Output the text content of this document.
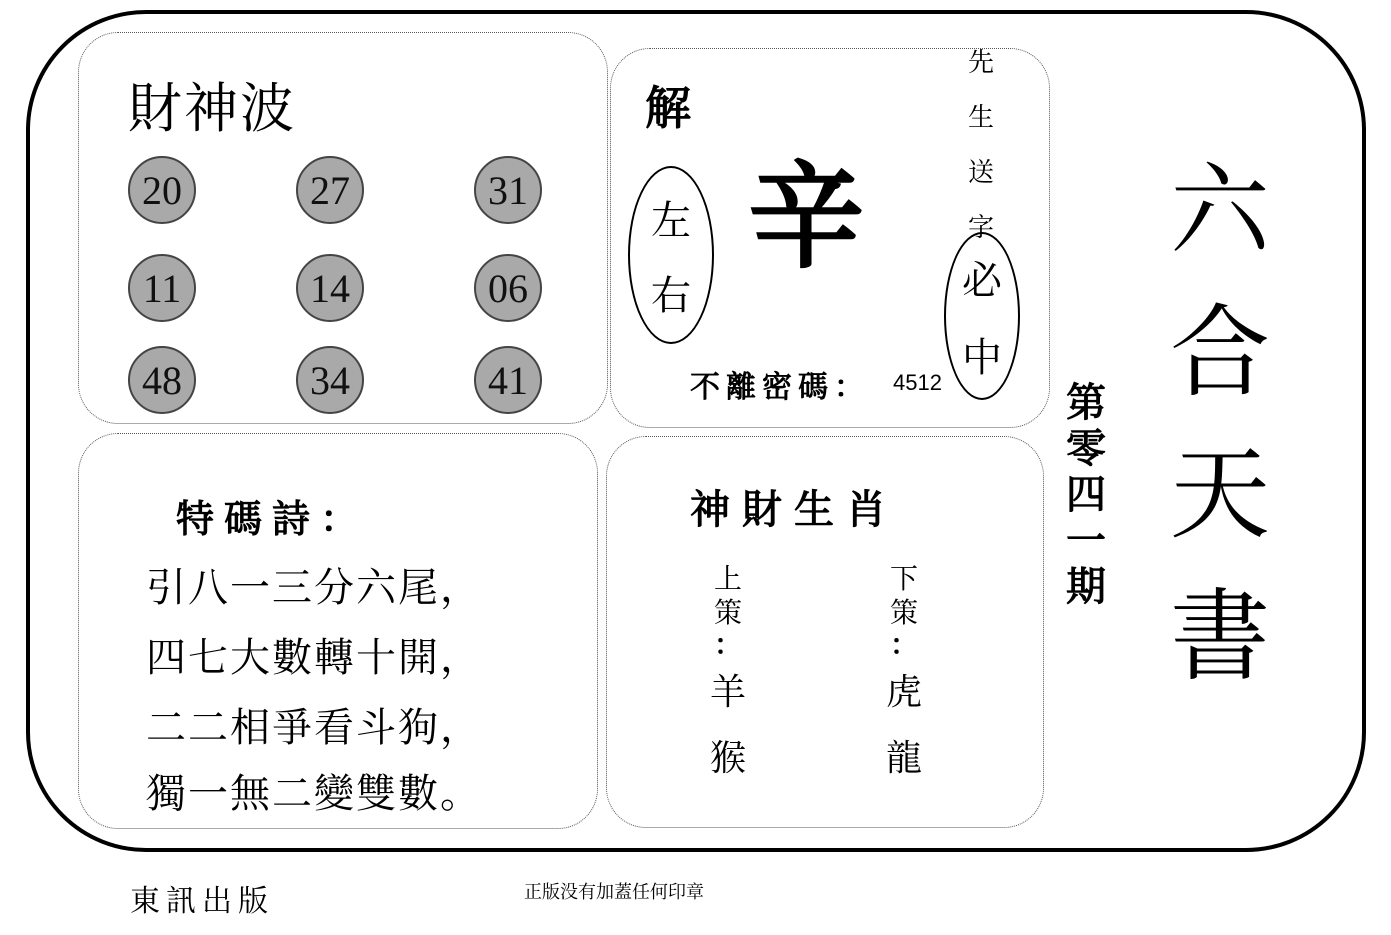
財神波
20	27	31
11	14	06
48	34	41
解
左
右
辛
先
生
送
字
必
中
不離密碼： 4512
特碼詩：
引八一三分六尾，
四七大數轉十開，
二二相爭看斗狗，
獨一無二變雙數。
神財生肖
上
策
：
羊
猴
下
策
：
虎
龍
第
零
四
一
期
六
合
天
書
東訊出版	正版没有加蓋任何印章
